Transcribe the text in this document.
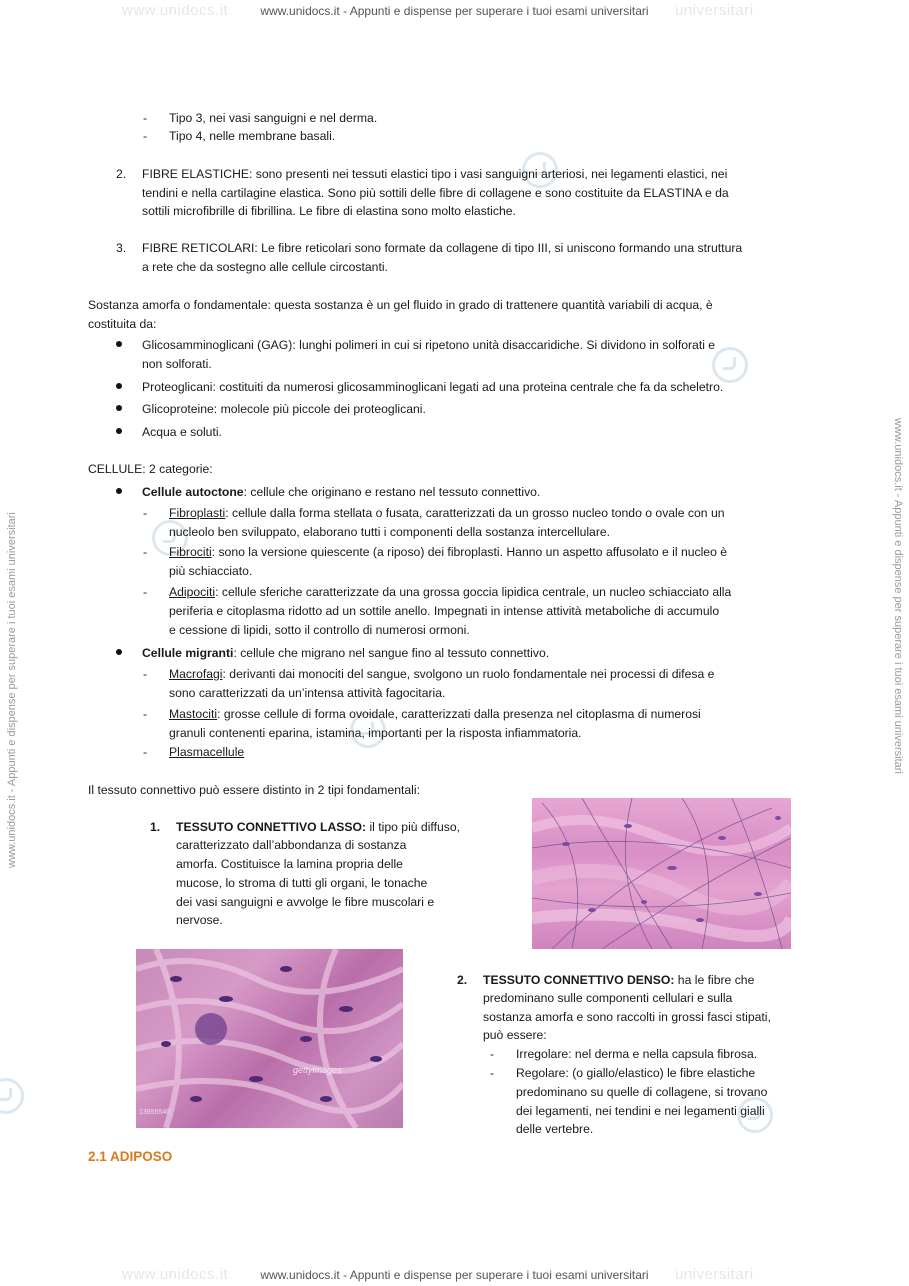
www.unidocs.it	universitari
www.unidocs.it - Appunti e dispense per superare i tuoi esami universitari
www.unidocs.it	universitari
www.unidocs.it - Appunti e dispense per superare i tuoi esami universitari
www.unidocs.it - Appunti e dispense per superare i tuoi esami universitari	www.unidocs.it - Appunti e dispense per superare i tuoi esami universitari
- Tipo 3, nei vasi sanguigni e nel derma.
- Tipo 4, nelle membrane basali.
2. FIBRE ELASTICHE: sono presenti nei tessuti elastici tipo i vasi sanguigni arteriosi, nei legamenti elastici, nei
tendini e nella cartilagine elastica. Sono più sottili delle fibre di collagene e sono costituite da ELASTINA e da
sottili microfibrille di fibrillina. Le fibre di elastina sono molto elastiche.
3. FIBRE RETICOLARI: Le fibre reticolari sono formate da collagene di tipo III, si uniscono formando una struttura
a rete che da sostegno alle cellule circostanti.
Sostanza amorfa o fondamentale: questa sostanza è un gel fluido in grado di trattenere quantità variabili di acqua, è
costituita da:
Glicosamminoglicani (GAG): lunghi polimeri in cui si ripetono unità disaccaridiche. Si dividono in solforati e
non solforati.
Proteoglicani: costituiti da numerosi glicosamminoglicani legati ad una proteina centrale che fa da scheletro.
Glicoproteine: molecole più piccole dei proteoglicani.
Acqua e soluti.
CELLULE: 2 categorie:
Cellule autoctone: cellule che originano e restano nel tessuto connettivo.
- Fibroplasti: cellule dalla forma stellata o fusata, caratterizzati da un grosso nucleo tondo o ovale con un
nucleolo ben sviluppato, elaborano tutti i componenti della sostanza intercellulare.
- Fibrociti: sono la versione quiescente (a riposo) dei fibroplasti. Hanno un aspetto affusolato e il nucleo è
più schiacciato.
- Adipociti: cellule sferiche caratterizzate da una grossa goccia lipidica centrale, un nucleo schiacciato alla
periferia e citoplasma ridotto ad un sottile anello. Impegnati in intense attività metaboliche di accumulo
e cessione di lipidi, sotto il controllo di numerosi ormoni.
Cellule migranti: cellule che migrano nel sangue fino al tessuto connettivo.
- Macrofagi: derivanti dai monociti del sangue, svolgono un ruolo fondamentale nei processi di difesa e
sono caratterizzati da un’intensa attività fagocitaria.
- Mastociti: grosse cellule di forma ovoidale, caratterizzati dalla presenza nel citoplasma di numerosi
granuli contenenti eparina, istamina, importanti per la risposta infiammatoria.
- Plasmacellule
Il tessuto connettivo può essere distinto in 2 tipi fondamentali:
1. TESSUTO CONNETTIVO LASSO: il tipo più diffuso,
caratterizzato dall’abbondanza di sostanza
amorfa. Costituisce la lamina propria delle
mucose, lo stroma di tutti gli organi, le tonache
dei vasi sanguigni e avvolge le fibre muscolari e
nervose.
gettyimages
13856540
2. TESSUTO CONNETTIVO DENSO: ha le fibre che
predominano sulle componenti cellulari e sulla
sostanza amorfa e sono raccolti in grossi fasci stipati,
può essere:
- Irregolare: nel derma e nella capsula fibrosa.
- Regolare: (o giallo/elastico) le fibre elastiche
predominano su quelle di collagene, si trovano
dei legamenti, nei tendini e nei legamenti gialli
delle vertebre.
2.1 ADIPOSO
